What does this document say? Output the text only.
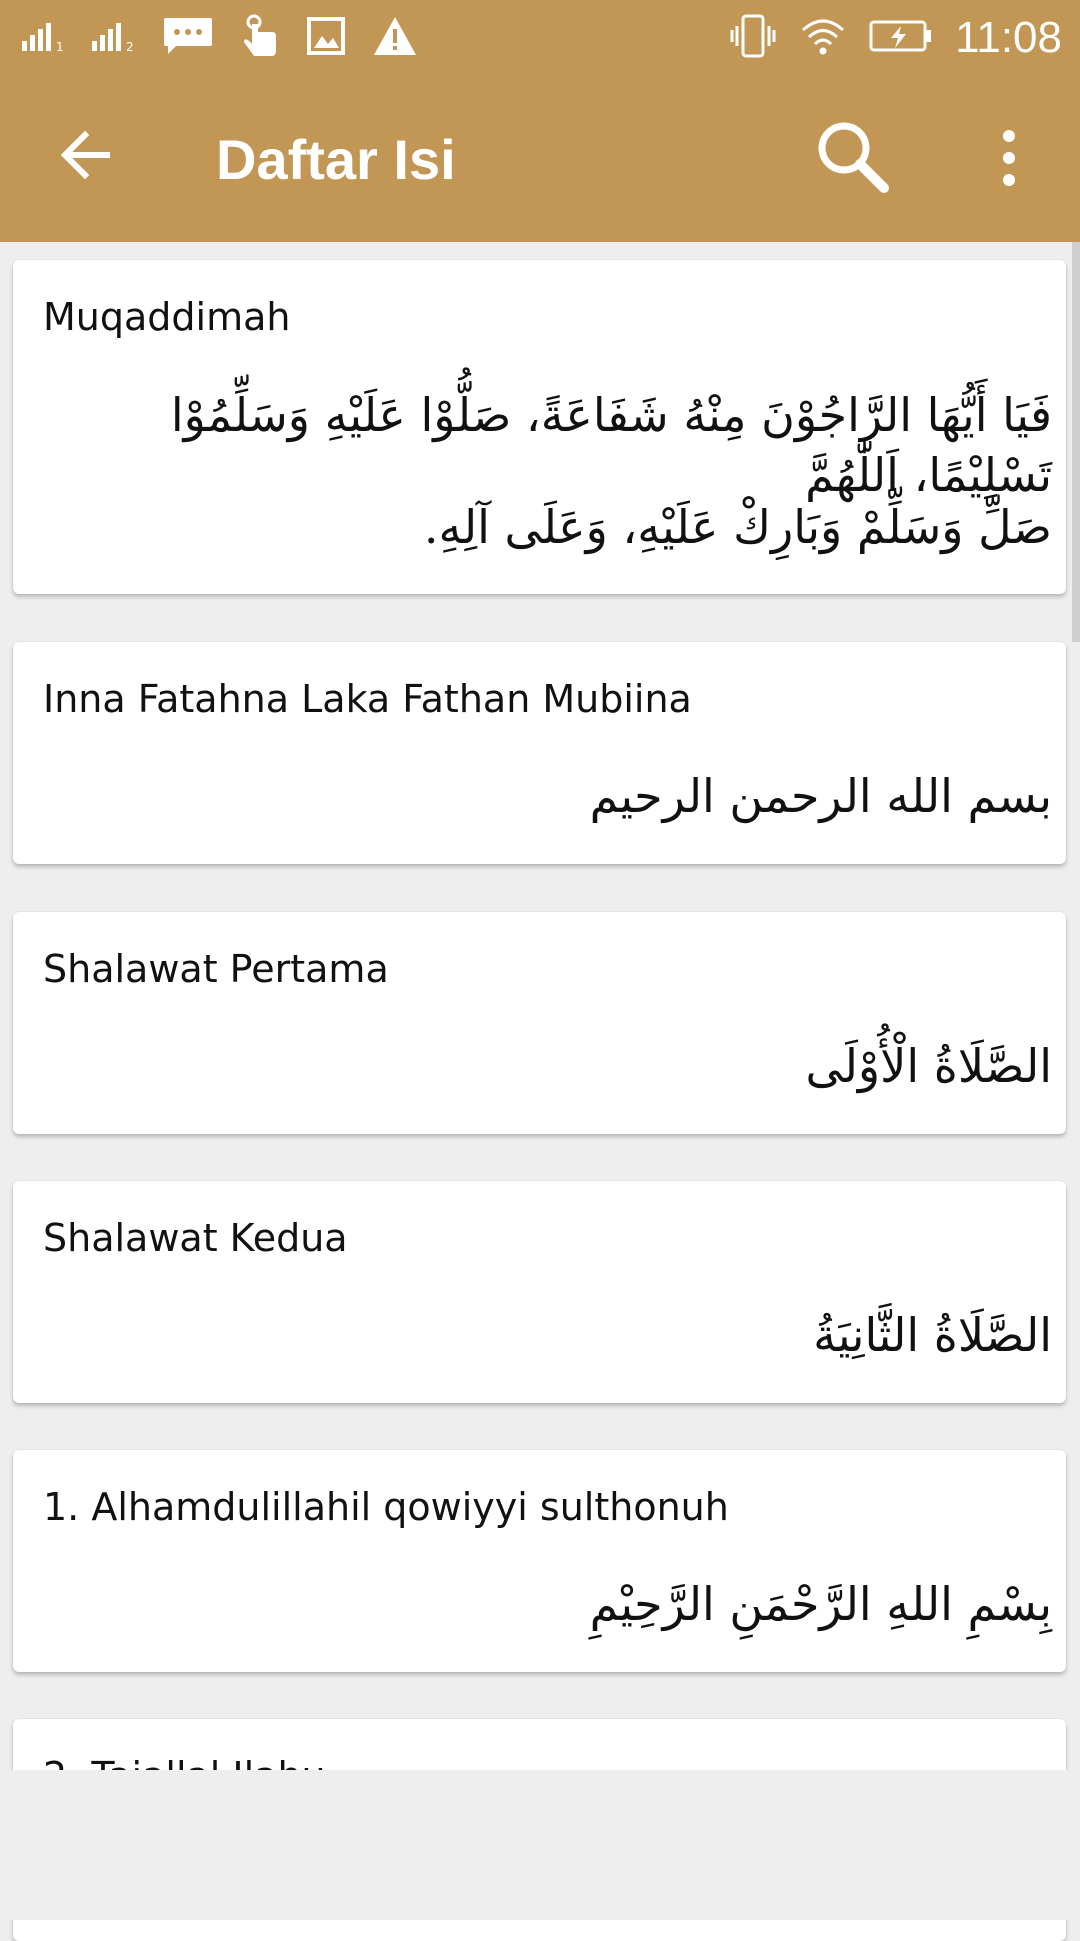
1	2	11:08
Daftar Isi
Muqaddimah
فَيَا أَيُّهَا الرَّاجُوْنَ مِنْهُ شَفَاعَةً، صَلُّوْا عَلَيْهِ وَسَلِّمُوْا تَسْلِيْمًا، اَللّٰهُمَّ
صَلِّ وَسَلِّمْ وَبَارِكْ عَلَيْهِ، وَعَلَى آلِهِ.
Inna Fatahna Laka Fathan Mubiina
بسم الله الرحمن الرحيم
Shalawat Pertama
الصَّلَاةُ الْأُوْلَى
Shalawat Kedua
الصَّلَاةُ الثَّانِيَةُ
1. Alhamdulillahil qowiyyi sulthonuh
بِسْمِ اللهِ الرَّحْمَنِ الرَّحِيْمِ
